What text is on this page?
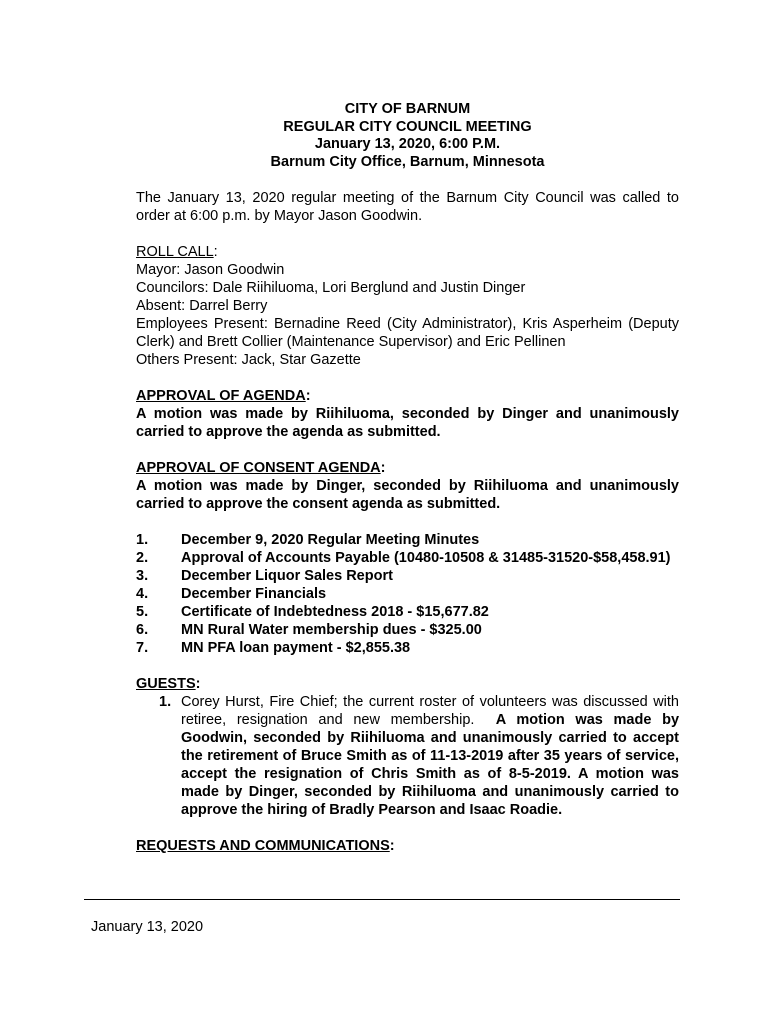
CITY OF BARNUM
REGULAR CITY COUNCIL MEETING
January 13, 2020, 6:00 P.M.
Barnum City Office, Barnum, Minnesota
The January 13, 2020 regular meeting of the Barnum City Council was called to order at 6:00 p.m. by Mayor Jason Goodwin.
ROLL CALL:
Mayor: Jason Goodwin
Councilors: Dale Riihiluoma, Lori Berglund and Justin Dinger
Absent: Darrel Berry
Employees Present: Bernadine Reed (City Administrator), Kris Asperheim (Deputy Clerk) and Brett Collier (Maintenance Supervisor) and Eric Pellinen
Others Present: Jack, Star Gazette
APPROVAL OF AGENDA:
A motion was made by Riihiluoma, seconded by Dinger and unanimously carried to approve the agenda as submitted.
APPROVAL OF CONSENT AGENDA:
A motion was made by Dinger, seconded by Riihiluoma and unanimously carried to approve the consent agenda as submitted.
1. December 9, 2020 Regular Meeting Minutes
2. Approval of Accounts Payable (10480-10508 & 31485-31520-$58,458.91)
3. December Liquor Sales Report
4. December Financials
5. Certificate of Indebtedness 2018 - $15,677.82
6. MN Rural Water membership dues - $325.00
7. MN PFA loan payment - $2,855.38
GUESTS:
1. Corey Hurst, Fire Chief; the current roster of volunteers was discussed with retiree, resignation and new membership. A motion was made by Goodwin, seconded by Riihiluoma and unanimously carried to accept the retirement of Bruce Smith as of 11-13-2019 after 35 years of service, accept the resignation of Chris Smith as of 8-5-2019. A motion was made by Dinger, seconded by Riihiluoma and unanimously carried to approve the hiring of Bradly Pearson and Isaac Roadie.
REQUESTS AND COMMUNICATIONS:
January 13, 2020
